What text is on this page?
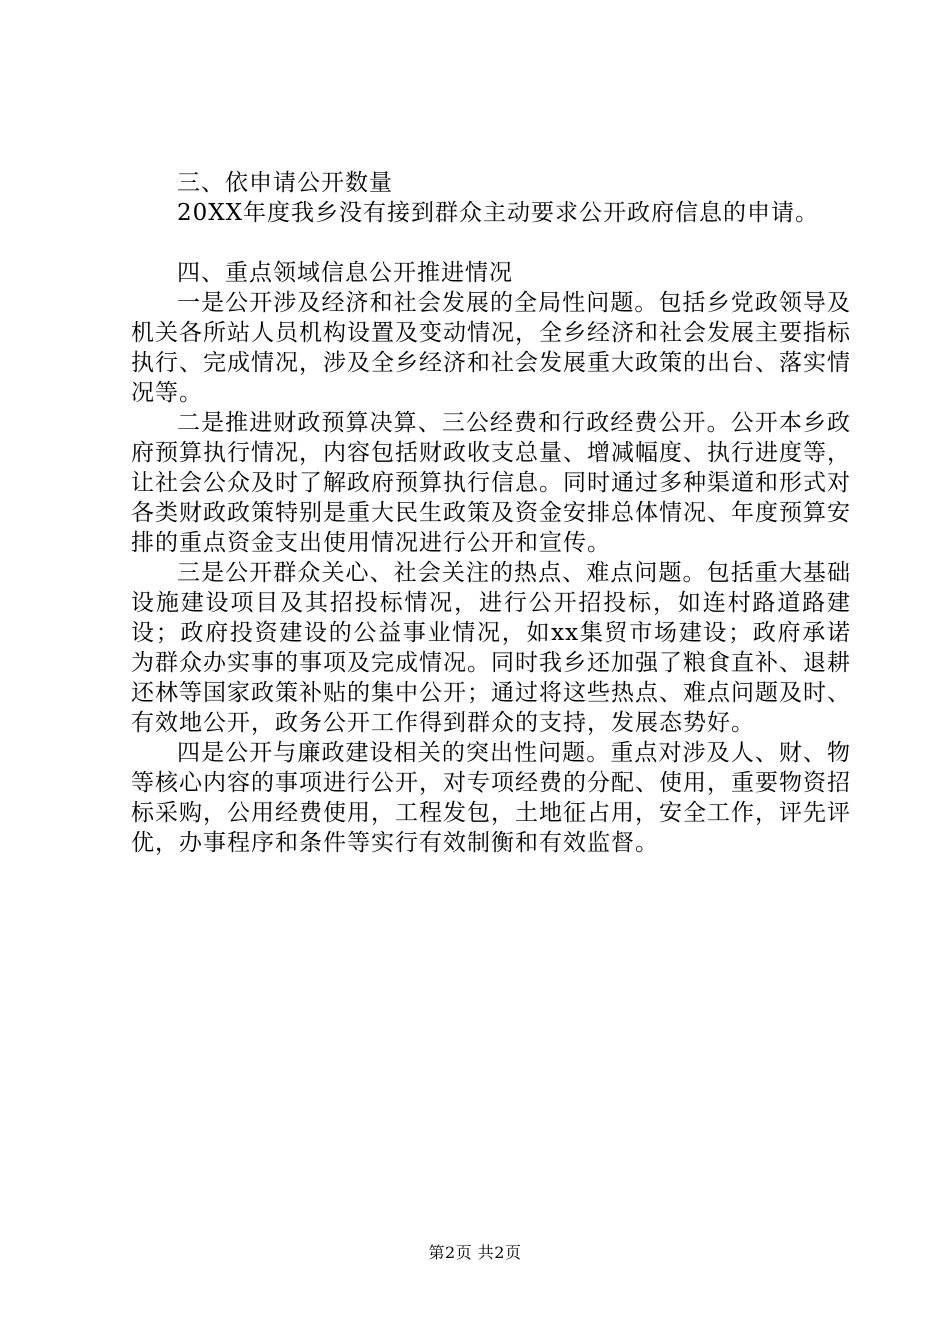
三、依申请公开数量

20XX年度我乡没有接到群众主动要求公开政府信息的申请。

四、重点领域信息公开推进情况

一是公开涉及经济和社会发展的全局性问题。包括乡党政领导及机关各所站人员机构设置及变动情况，全乡经济和社会发展主要指标执行、完成情况，涉及全乡经济和社会发展重大政策的出台、落实情况等。

二是推进财政预算决算、三公经费和行政经费公开。公开本乡政府预算执行情况，内容包括财政收支总量、增减幅度、执行进度等，让社会公众及时了解政府预算执行信息。同时通过多种渠道和形式对各类财政政策特别是重大民生政策及资金安排总体情况、年度预算安排的重点资金支出使用情况进行公开和宣传。

三是公开群众关心、社会关注的热点、难点问题。包括重大基础设施建设项目及其招投标情况，进行公开招投标，如连村路道路建设；政府投资建设的公益事业情况，如xx集贸市场建设；政府承诺为群众办实事的事项及完成情况。同时我乡还加强了粮食直补、退耕还林等国家政策补贴的集中公开；通过将这些热点、难点问题及时、有效地公开，政务公开工作得到群众的支持，发展态势好。

四是公开与廉政建设相关的突出性问题。重点对涉及人、财、物等核心内容的事项进行公开，对专项经费的分配、使用，重要物资招标采购，公用经费使用，工程发包，土地征占用，安全工作，评先评优，办事程序和条件等实行有效制衡和有效监督。

第2页 共2页
